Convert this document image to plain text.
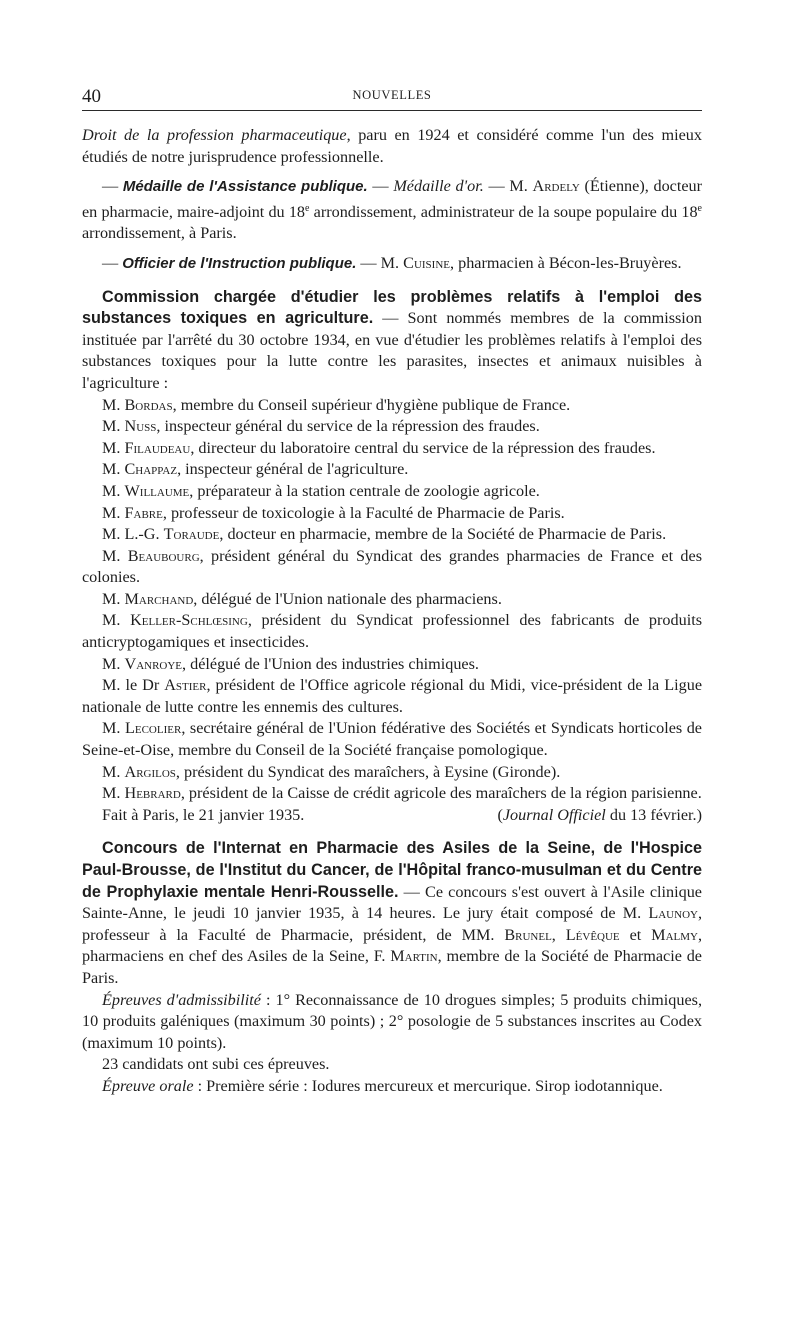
40	NOUVELLES

Droit de la profession pharmaceutique, paru en 1924 et considéré comme l'un des mieux étudiés de notre jurisprudence professionnelle.

— Médaille de l'Assistance publique. — Médaille d'or. — M. Ardely (Étienne), docteur en pharmacie, maire-adjoint du 18e arrondissement, administrateur de la soupe populaire du 18e arrondissement, à Paris.

— Officier de l'Instruction publique. — M. Cuisine, pharmacien à Bécon-les-Bruyères.

Commission chargée d'étudier les problèmes relatifs à l'emploi des substances toxiques en agriculture. — Sont nommés membres de la commission instituée par l'arrêté du 30 octobre 1934, en vue d'étudier les problèmes relatifs à l'emploi des substances toxiques pour la lutte contre les parasites, insectes et animaux nuisibles à l'agriculture :

M. Bordas, membre du Conseil supérieur d'hygiène publique de France.

M. Nuss, inspecteur général du service de la répression des fraudes.

M. Filaudeau, directeur du laboratoire central du service de la répression des fraudes.

M. Chappaz, inspecteur général de l'agriculture.

M. Willaume, préparateur à la station centrale de zoologie agricole.

M. Fabre, professeur de toxicologie à la Faculté de Pharmacie de Paris.

M. L.-G. Toraude, docteur en pharmacie, membre de la Société de Pharmacie de Paris.

M. Beaubourg, président général du Syndicat des grandes pharmacies de France et des colonies.

M. Marchand, délégué de l'Union nationale des pharmaciens.

M. Keller-Schlœsing, président du Syndicat professionnel des fabricants de produits anticryptogamiques et insecticides.

M. Vanroye, délégué de l'Union des industries chimiques.

M. le Dr Astier, président de l'Office agricole régional du Midi, vice-président de la Ligue nationale de lutte contre les ennemis des cultures.

M. Lecolier, secrétaire général de l'Union fédérative des Sociétés et Syndicats horticoles de Seine-et-Oise, membre du Conseil de la Société française pomologique.

M. Argilos, président du Syndicat des maraîchers, à Eysine (Gironde).

M. Hebrard, président de la Caisse de crédit agricole des maraîchers de la région parisienne.

Fait à Paris, le 21 janvier 1935.	(Journal Officiel du 13 février.)

Concours de l'Internat en Pharmacie des Asiles de la Seine, de l'Hospice Paul-Brousse, de l'Institut du Cancer, de l'Hôpital franco-musulman et du Centre de Prophylaxie mentale Henri-Rousselle. — Ce concours s'est ouvert à l'Asile clinique Sainte-Anne, le jeudi 10 janvier 1935, à 14 heures. Le jury était composé de M. Launoy, professeur à la Faculté de Pharmacie, président, de MM. Brunel, Lévêque et Malmy, pharmaciens en chef des Asiles de la Seine, F. Martin, membre de la Société de Pharmacie de Paris.

Épreuves d'admissibilité : 1° Reconnaissance de 10 drogues simples; 5 produits chimiques, 10 produits galéniques (maximum 30 points) ; 2° posologie de 5 substances inscrites au Codex (maximum 10 points).

23 candidats ont subi ces épreuves.

Épreuve orale : Première série : Iodures mercureux et mercurique. Sirop iodotannique.
